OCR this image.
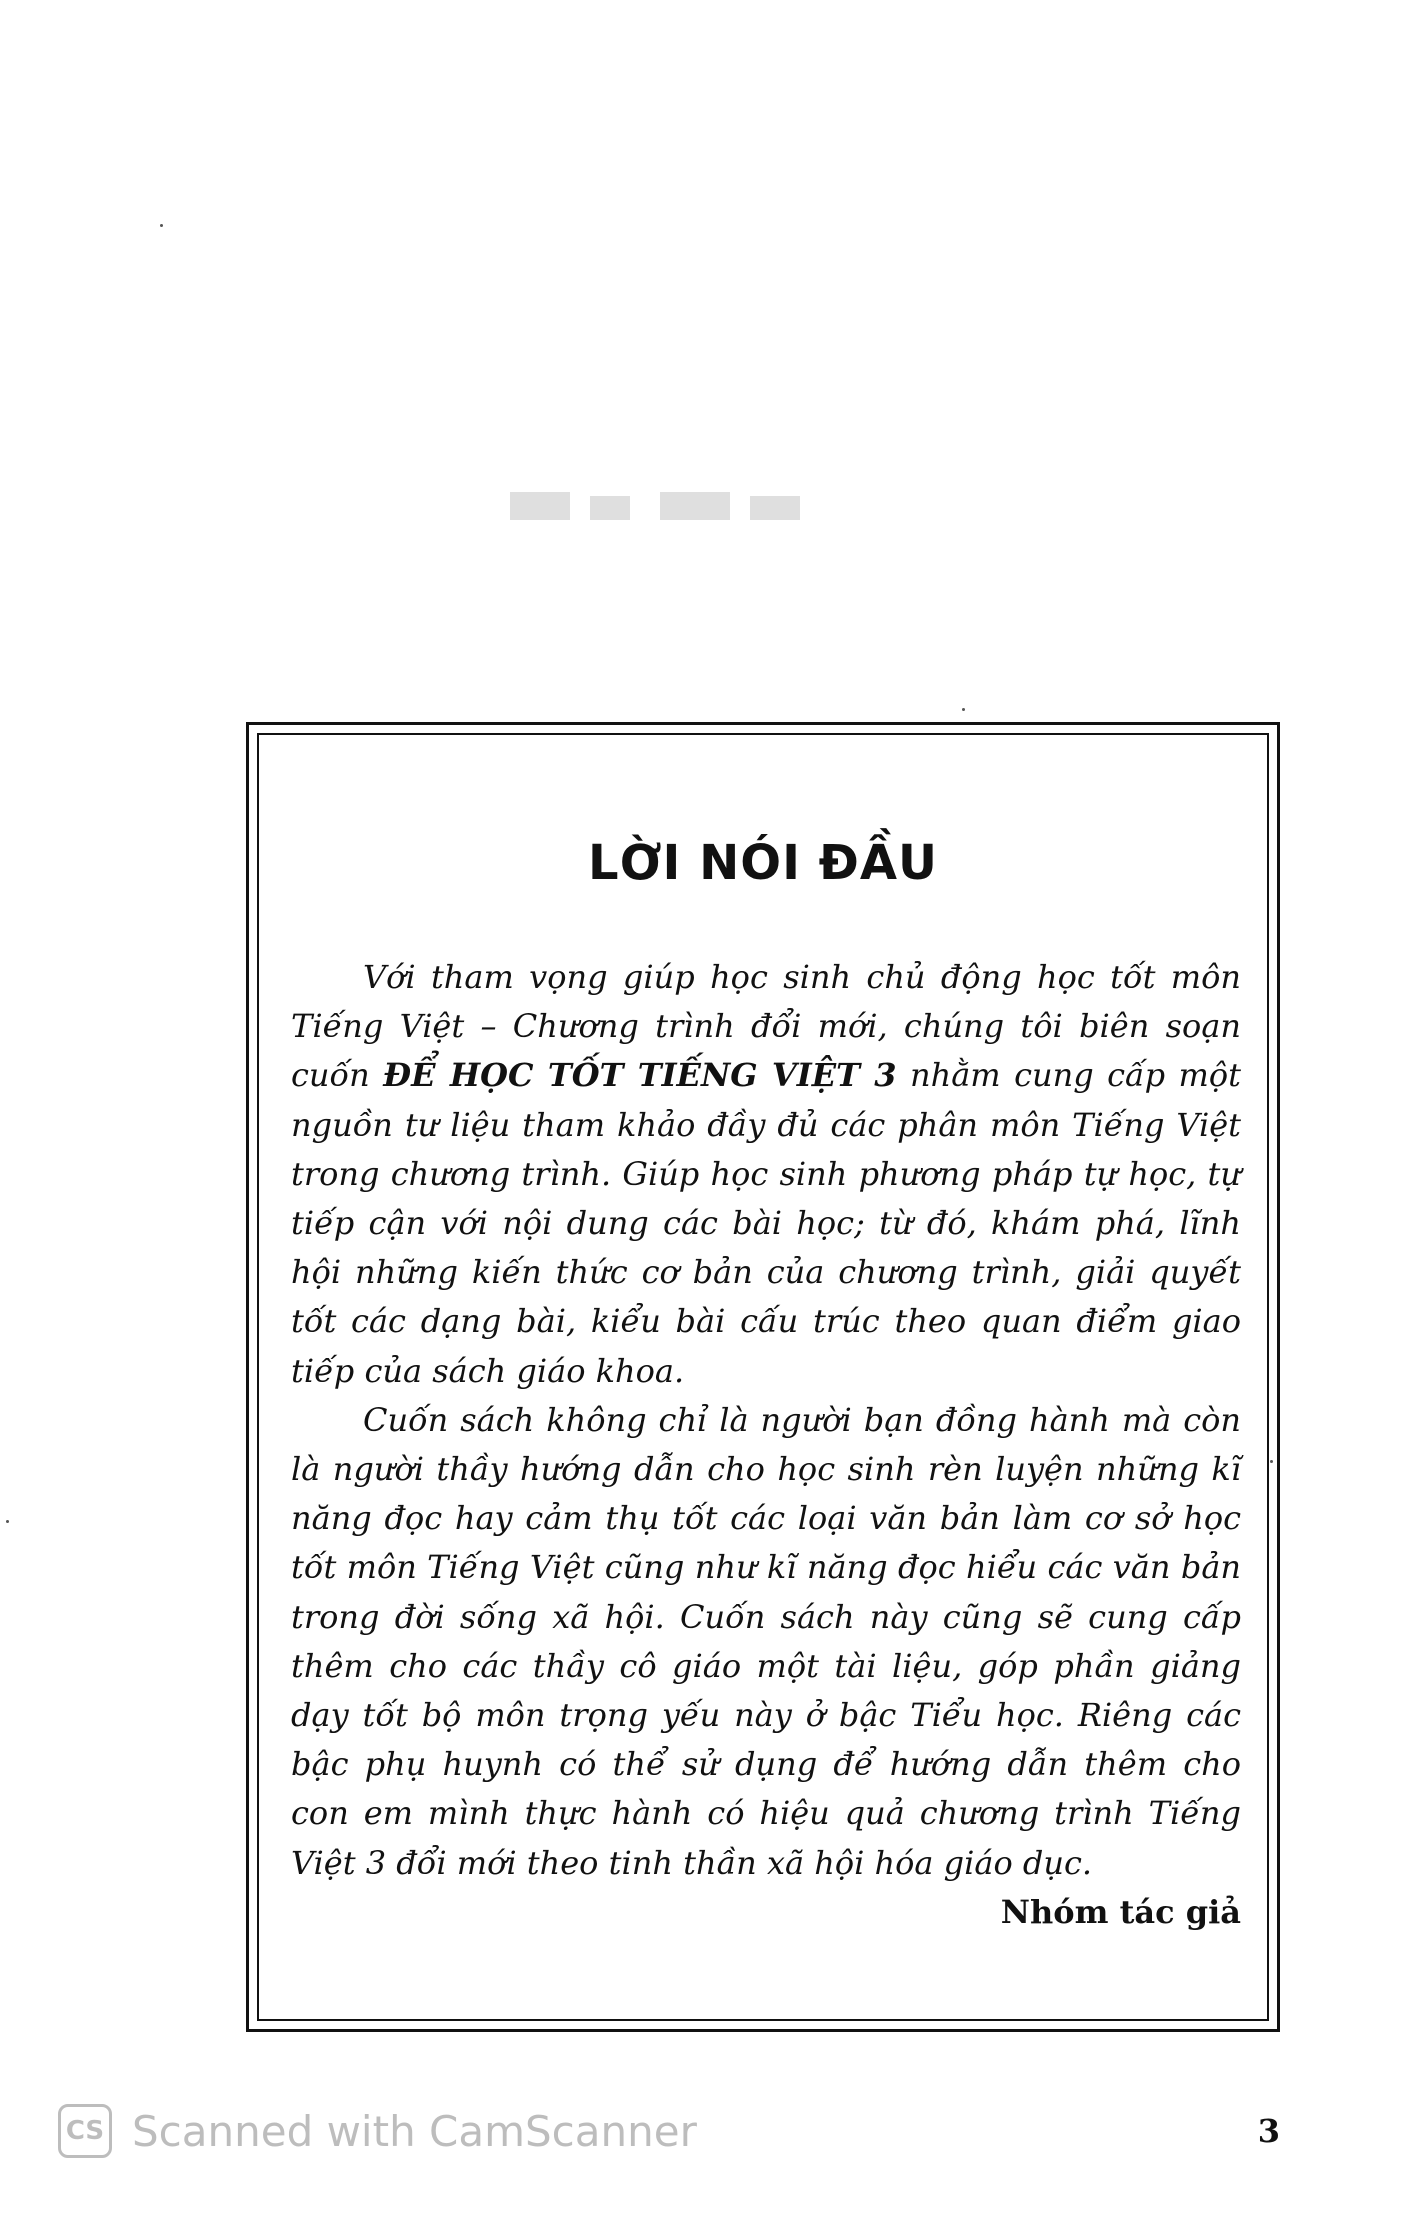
LỜI NÓI ĐẦU

Với tham vọng giúp học sinh chủ động học tốt môn Tiếng Việt – Chương trình đổi mới, chúng tôi biên soạn cuốn ĐỂ HỌC TỐT TIẾNG VIỆT 3 nhằm cung cấp một nguồn tư liệu tham khảo đầy đủ các phân môn Tiếng Việt trong chương trình. Giúp học sinh phương pháp tự học, tự tiếp cận với nội dung các bài học; từ đó, khám phá, lĩnh hội những kiến thức cơ bản của chương trình, giải quyết tốt các dạng bài, kiểu bài cấu trúc theo quan điểm giao tiếp của sách giáo khoa.

Cuốn sách không chỉ là người bạn đồng hành mà còn là người thầy hướng dẫn cho học sinh rèn luyện những kĩ năng đọc hay cảm thụ tốt các loại văn bản làm cơ sở học tốt môn Tiếng Việt cũng như kĩ năng đọc hiểu các văn bản trong đời sống xã hội. Cuốn sách này cũng sẽ cung cấp thêm cho các thầy cô giáo một tài liệu, góp phần giảng dạy tốt bộ môn trọng yếu này ở bậc Tiểu học. Riêng các bậc phụ huynh có thể sử dụng để hướng dẫn thêm cho con em mình thực hành có hiệu quả chương trình Tiếng Việt 3 đổi mới theo tinh thần xã hội hóa giáo dục.

Nhóm tác giả
CS Scanned with CamScanner	3
